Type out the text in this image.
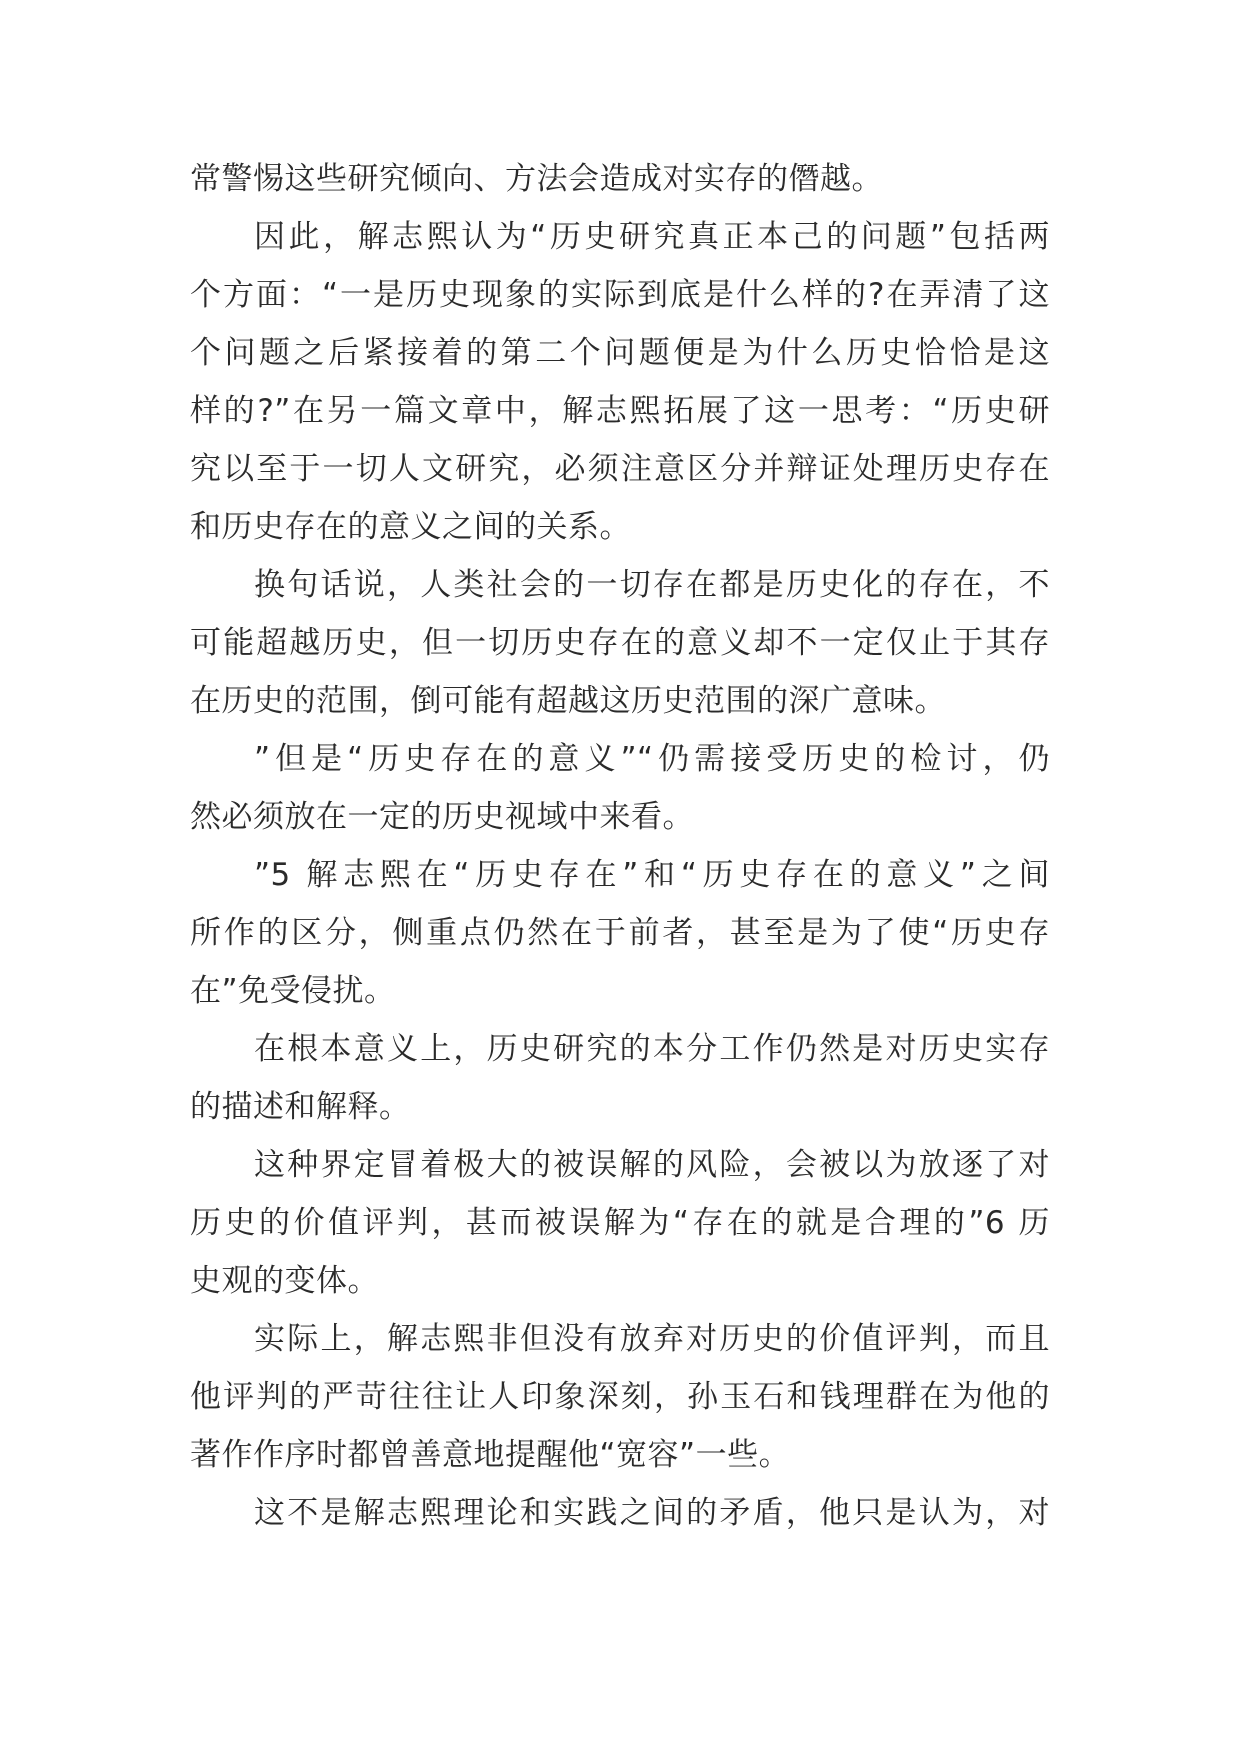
常警惕这些研究倾向、方法会造成对实存的僭越。
因此，解志熙认为“历史研究真正本己的问题”包括两
个方面：“一是历史现象的实际到底是什么样的?在弄清了这
个问题之后紧接着的第二个问题便是为什么历史恰恰是这
样的?”在另一篇文章中，解志熙拓展了这一思考：“历史研
究以至于一切人文研究，必须注意区分并辩证处理历史存在
和历史存在的意义之间的关系。
换句话说，人类社会的一切存在都是历史化的存在，不
可能超越历史，但一切历史存在的意义却不一定仅止于其存
在历史的范围，倒可能有超越这历史范围的深广意味。
”但是“历史存在的意义”“仍需接受历史的检讨，仍
然必须放在一定的历史视域中来看。
”5 解志熙在“历史存在”和“历史存在的意义”之间
所作的区分，侧重点仍然在于前者，甚至是为了使“历史存
在”免受侵扰。
在根本意义上，历史研究的本分工作仍然是对历史实存
的描述和解释。
这种界定冒着极大的被误解的风险，会被以为放逐了对
历史的价值评判，甚而被误解为“存在的就是合理的”6 历
史观的变体。
实际上，解志熙非但没有放弃对历史的价值评判，而且
他评判的严苛往往让人印象深刻，孙玉石和钱理群在为他的
著作作序时都曾善意地提醒他“宽容”一些。
这不是解志熙理论和实践之间的矛盾，他只是认为，对
